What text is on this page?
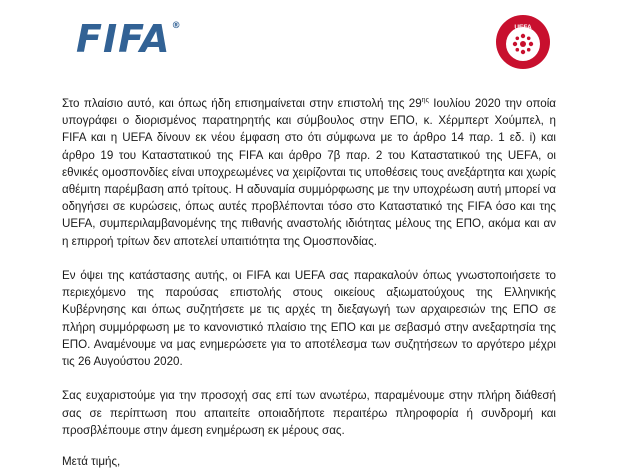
FIFA®	UEFA

Στο πλαίσιο αυτό, και όπως ήδη επισημαίνεται στην επιστολή της $29^{\eta\varsigma}$ Ιουλίου 2020 την οποία υπογράφει ο διορισμένος παρατηρητής και σύμβουλος στην ΕΠΟ, κ. Χέρμπερτ Χούμπελ, η FIFA και η UEFA δίνουν εκ νέου έμφαση στο ότι σύμφωνα με το άρθρο 14 παρ. 1 εδ. i) και άρθρο 19 του Καταστατικού της FIFA και άρθρο 7β παρ. 2 του Καταστατικού της UEFA, οι εθνικές ομοσπονδίες είναι υποχρεωμένες να χειρίζονται τις υποθέσεις τους ανεξάρτητα και χωρίς αθέμιτη παρέμβαση από τρίτους. Η αδυναμία συμμόρφωσης με την υποχρέωση αυτή μπορεί να οδηγήσει σε κυρώσεις, όπως αυτές προβλέπονται τόσο στο Καταστατικό της FIFA όσο και της UEFA, συμπεριλαμβανομένης της πιθανής αναστολής ιδιότητας μέλους της ΕΠΟ, ακόμα και αν η επιρροή τρίτων δεν αποτελεί υπαιτιότητα της Ομοσπονδίας.

Εν όψει της κατάστασης αυτής, οι FIFA και UEFA σας παρακαλούν όπως γνωστοποιήσετε το περιεχόμενο της παρούσας επιστολής στους οικείους αξιωματούχους της Ελληνικής Κυβέρνησης και όπως συζητήσετε με τις αρχές τη διεξαγωγή των αρχαιρεσιών της ΕΠΟ σε πλήρη συμμόρφωση με το κανονιστικό πλαίσιο της ΕΠΟ και με σεβασμό στην ανεξαρτησία της ΕΠΟ. Αναμένουμε να μας ενημερώσετε για το αποτέλεσμα των συζητήσεων το αργότερο μέχρι τις 26 Αυγούστου 2020.

Σας ευχαριστούμε για την προσοχή σας επί των ανωτέρω, παραμένουμε στην πλήρη διάθεσή σας σε περίπτωση που απαιτείτε οποιαδήποτε περαιτέρω πληροφορία ή συνδρομή και προσβλέπουμε στην άμεση ενημέρωση εκ μέρους σας.

Μετά τιμής,
